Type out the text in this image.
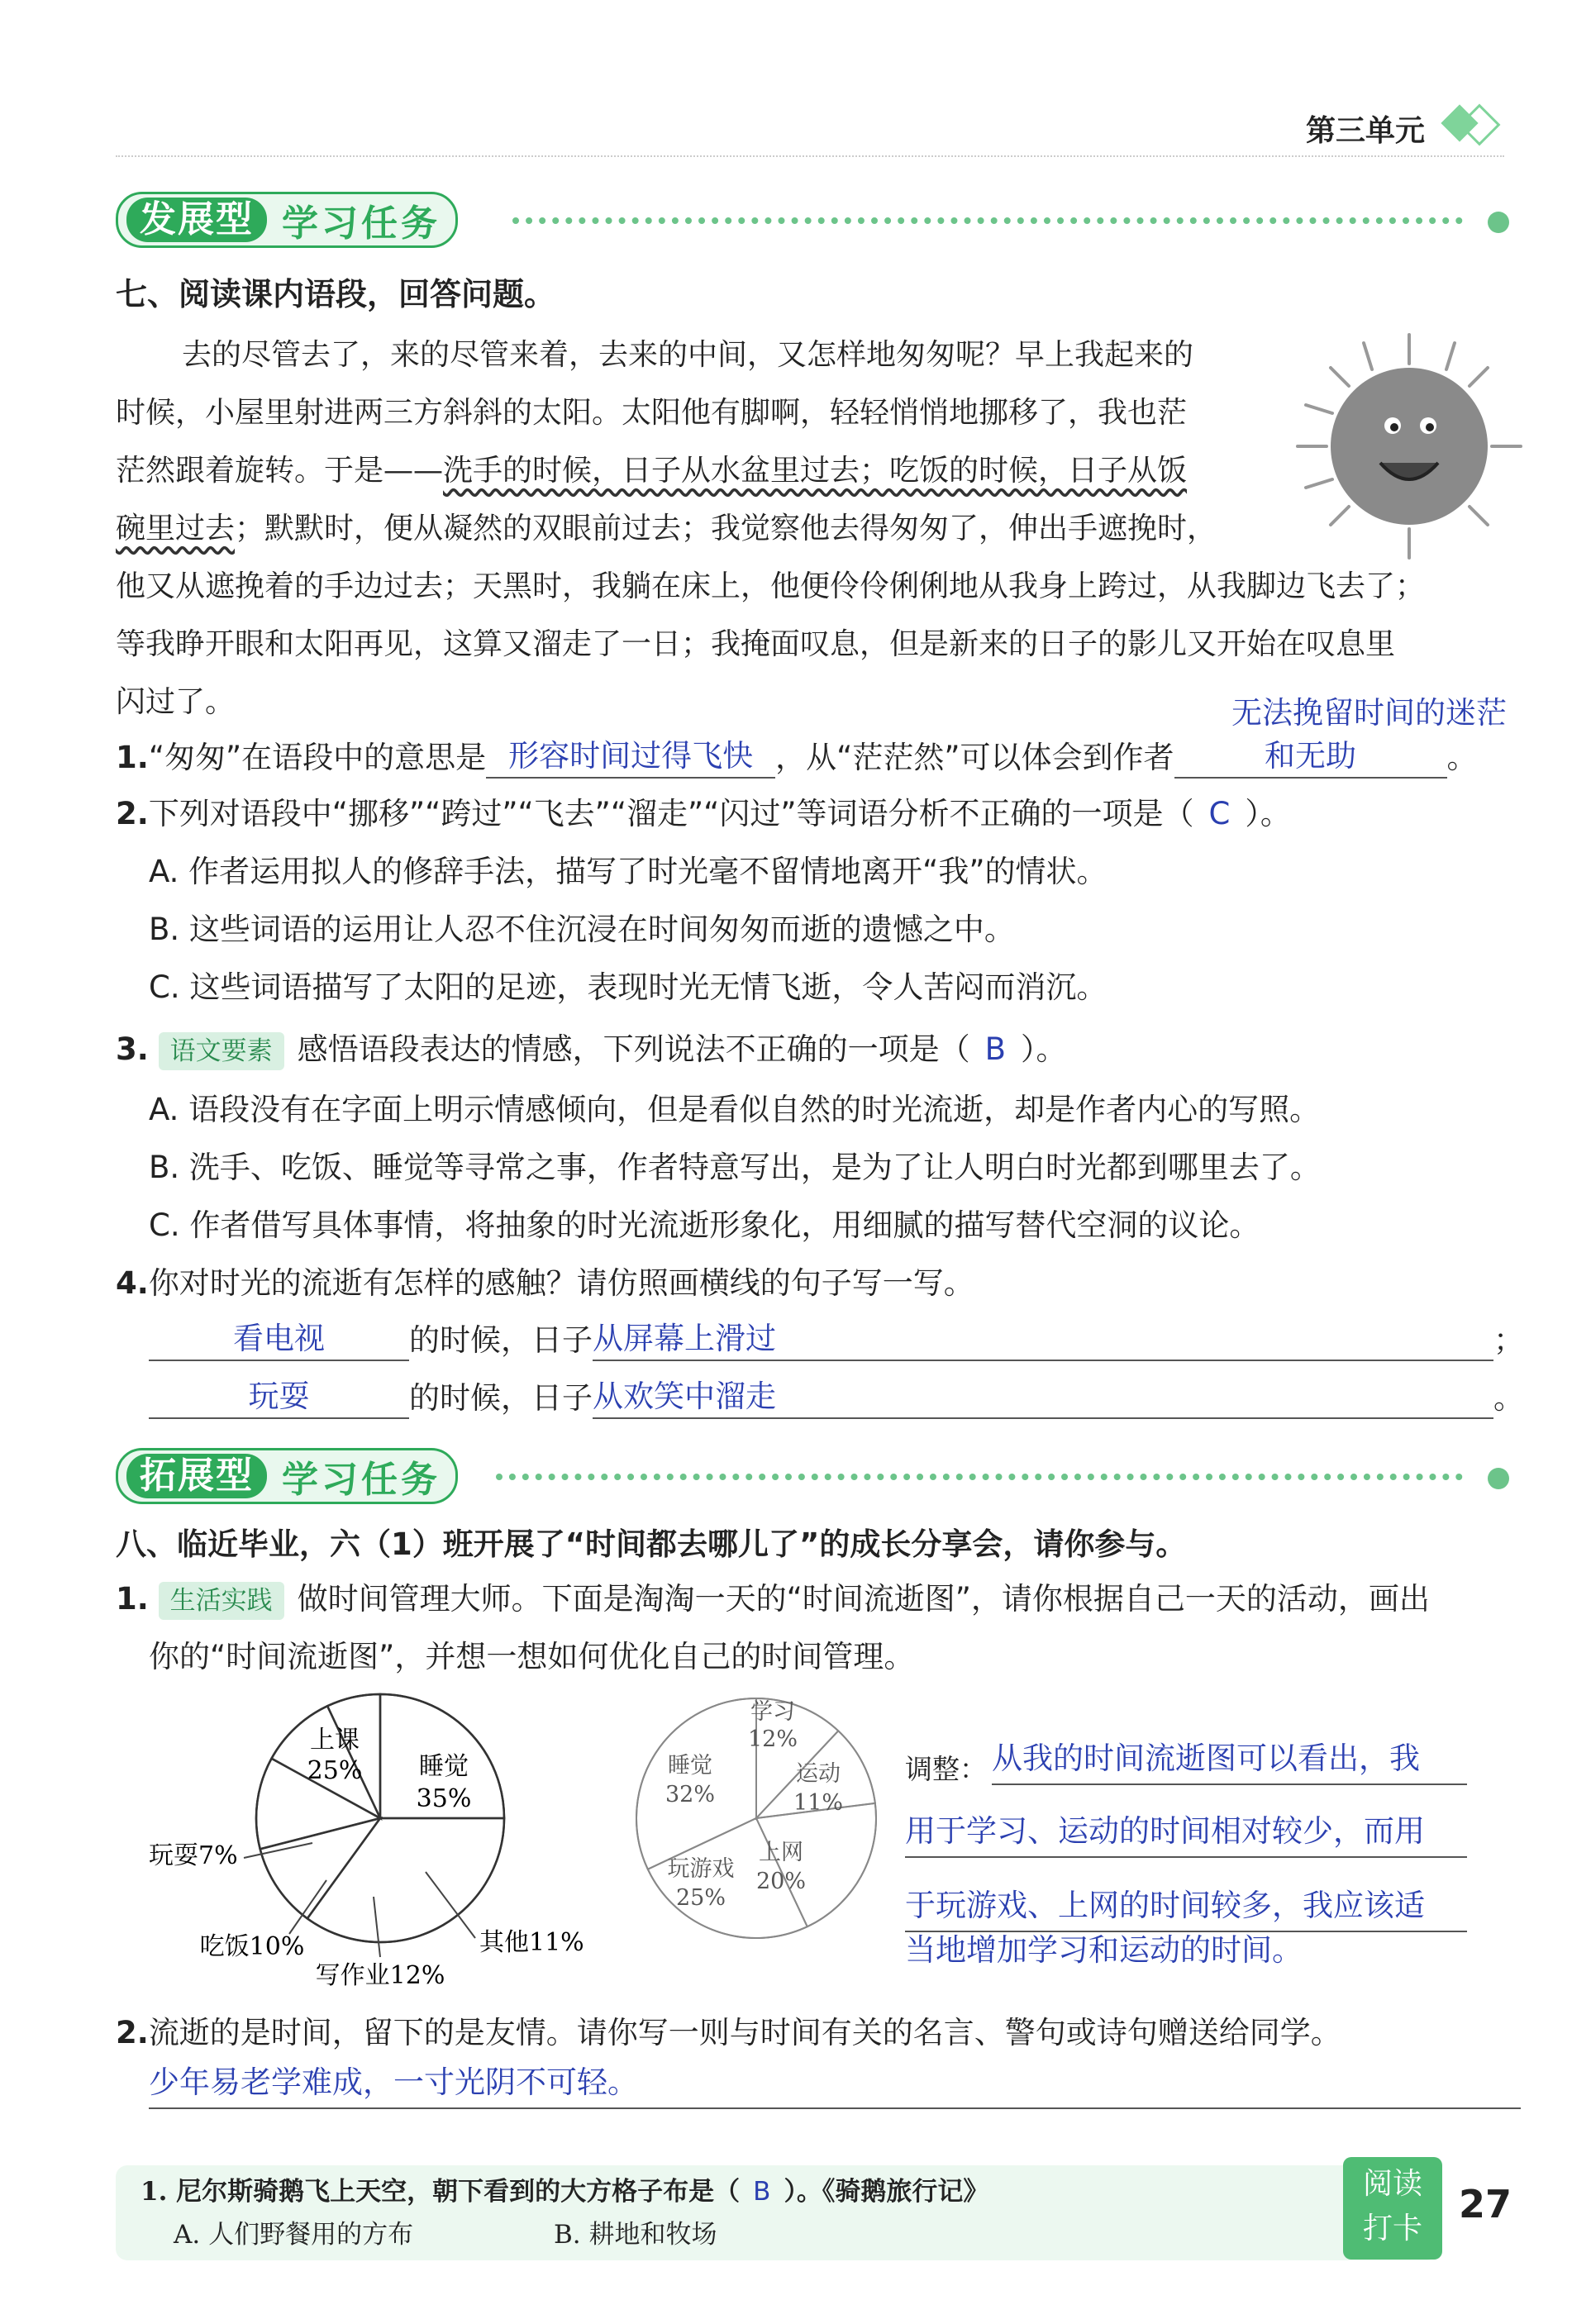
第三单元
发展型 学习任务
七、阅读课内语段，回答问题。
去的尽管去了，来的尽管来着，去来的中间，又怎样地匆匆呢？早上我起来的
时候，小屋里射进两三方斜斜的太阳。太阳他有脚啊，轻轻悄悄地挪移了，我也茫
茫然跟着旋转。于是——洗手的时候，日子从水盆里过去；吃饭的时候，日子从饭
碗里过去；默默时，便从凝然的双眼前过去；我觉察他去得匆匆了，伸出手遮挽时，
他又从遮挽着的手边过去；天黑时，我躺在床上，他便伶伶俐俐地从我身上跨过，从我脚边飞去了；
等我睁开眼和太阳再见，这算又溜走了一日；我掩面叹息，但是新来的日子的影儿又开始在叹息里
闪过了。	无法挽留时间的迷茫
1.“匆匆”在语段中的意思是 形容时间过得飞快 ，从“茫茫然”可以体会到作者	和无助	。
2.下列对语段中“挪移”“跨过”“飞去”“溜走”“闪过”等词语分析不正确的一项是（ C ）。
A. 作者运用拟人的修辞手法，描写了时光毫不留情地离开“我”的情状。
B. 这些词语的运用让人忍不住沉浸在时间匆匆而逝的遗憾之中。
C. 这些词语描写了太阳的足迹，表现时光无情飞逝，令人苦闷而消沉。
3. 语文要素 感悟语段表达的情感，下列说法不正确的一项是（ B ）。
A. 语段没有在字面上明示情感倾向，但是看似自然的时光流逝，却是作者内心的写照。
B. 洗手、吃饭、睡觉等寻常之事，作者特意写出，是为了让人明白时光都到哪里去了。
C. 作者借写具体事情，将抽象的时光流逝形象化，用细腻的描写替代空洞的议论。
4.你对时光的流逝有怎样的感触？请仿照画横线的句子写一写。
看电视	的时候，日子从屏幕上滑过	；
玩耍	的时候，日子从欢笑中溜走	。
拓展型 学习任务
八、临近毕业，六（1）班开展了“时间都去哪儿了”的成长分享会，请你参与。
1. 生活实践 做时间管理大师。下面是淘淘一天的“时间流逝图”，请你根据自己一天的活动，画出
你的“时间流逝图”，并想一想如何优化自己的时间管理。
上课
25% 睡觉
35%
其他11%
写作业12%
吃饭10%
玩耍7%
学习
12%
运动
11%
上网
20%
玩游戏
25%
睡觉
32%
调整： 从我的时间流逝图可以看出，我
用于学习、运动的时间相对较少，而用
于玩游戏、上网的时间较多，我应该适
当地增加学习和运动的时间。
2.流逝的是时间，留下的是友情。请你写一则与时间有关的名言、警句或诗句赠送给同学。
少年易老学难成，一寸光阴不可轻。
1. 尼尔斯骑鹅飞上天空，朝下看到的大方格子布是（ B ）。《骑鹅旅行记》
A. 人们野餐用的方布	B. 耕地和牧场
阅读
打卡
27
